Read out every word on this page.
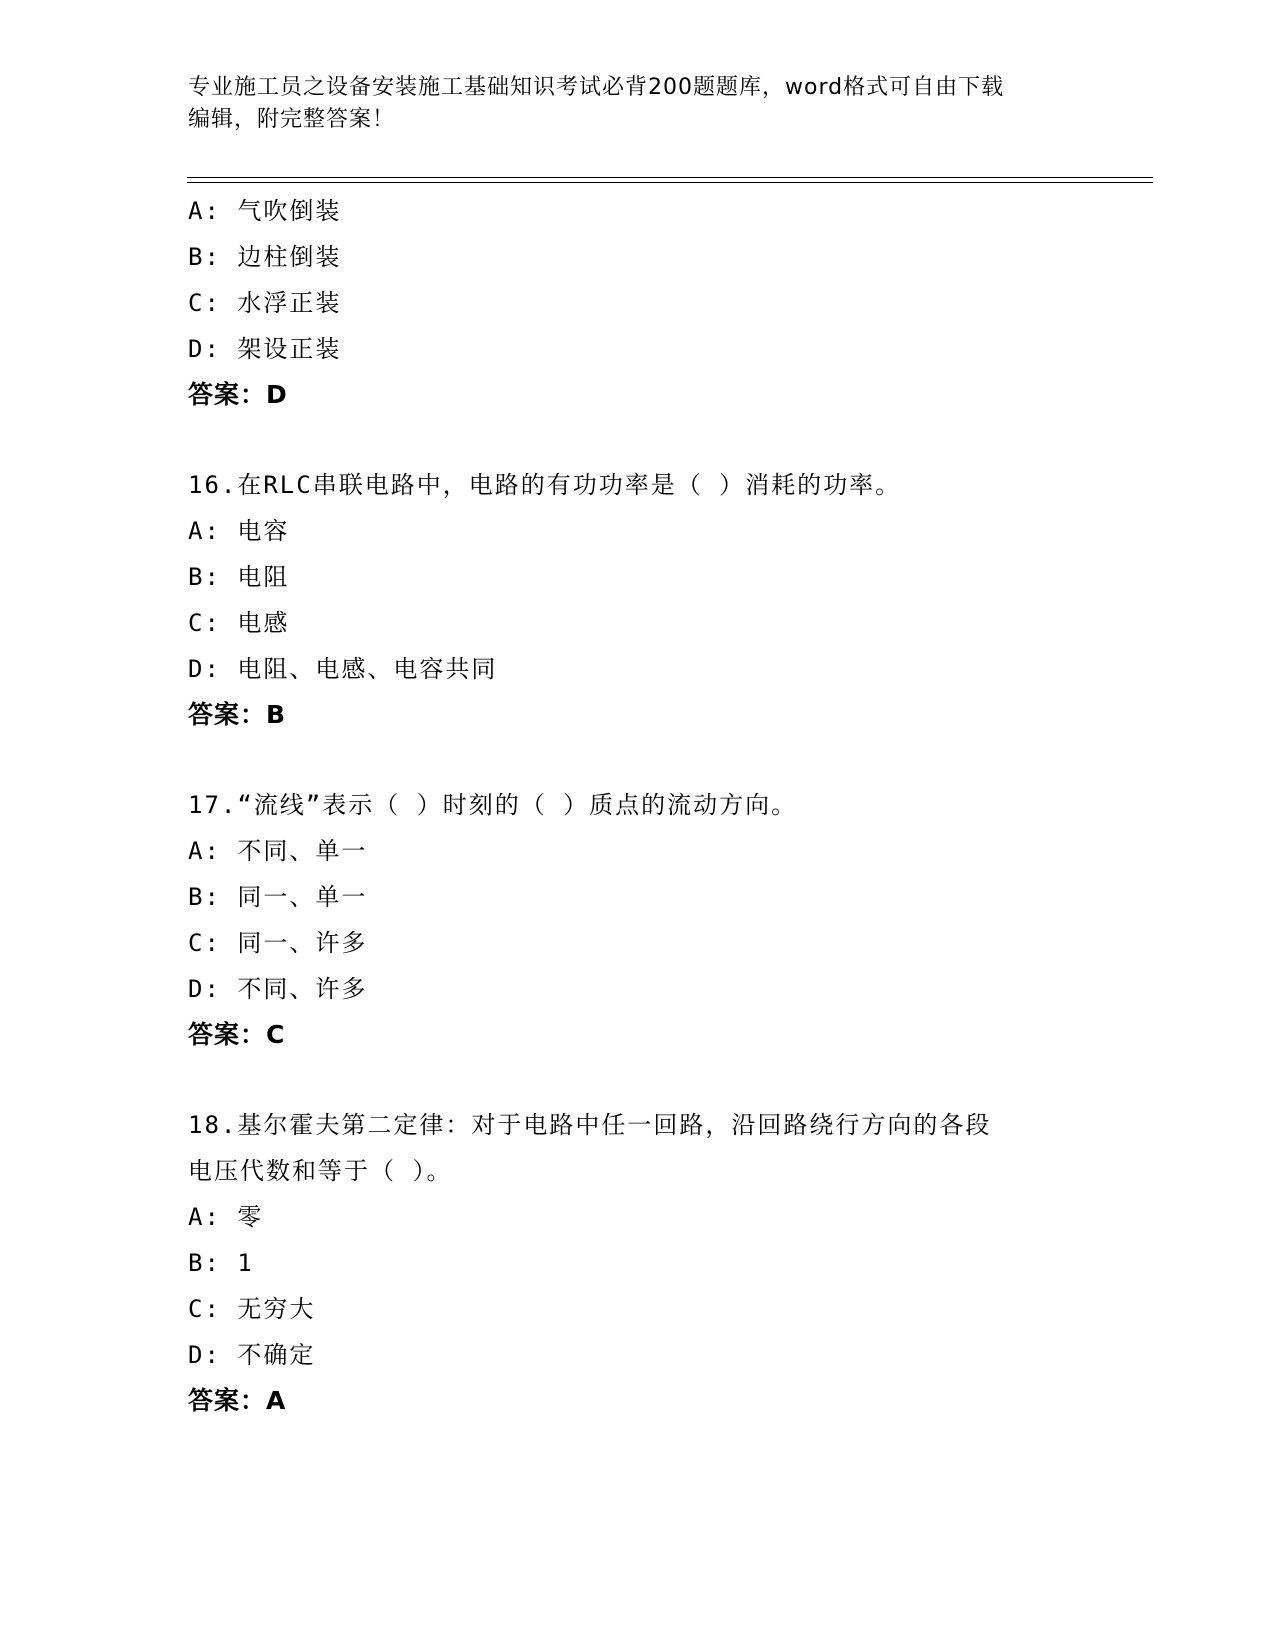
专业施工员之设备安装施工基础知识考试必背200题题库，word格式可自由下载
编辑，附完整答案！
A: 气吹倒装
B: 边柱倒装
C: 水浮正装
D: 架设正装
答案：D
16.在RLC串联电路中，电路的有功功率是（ ）消耗的功率。
A: 电容
B: 电阻
C: 电感
D: 电阻、电感、电容共同
答案：B
17.“流线”表示（ ）时刻的（ ）质点的流动方向。
A: 不同、单一
B: 同一、单一
C: 同一、许多
D: 不同、许多
答案：C
18.基尔霍夫第二定律：对于电路中任一回路，沿回路绕行方向的各段
电压代数和等于（ ）。
A: 零
B: 1
C: 无穷大
D: 不确定
答案：A
